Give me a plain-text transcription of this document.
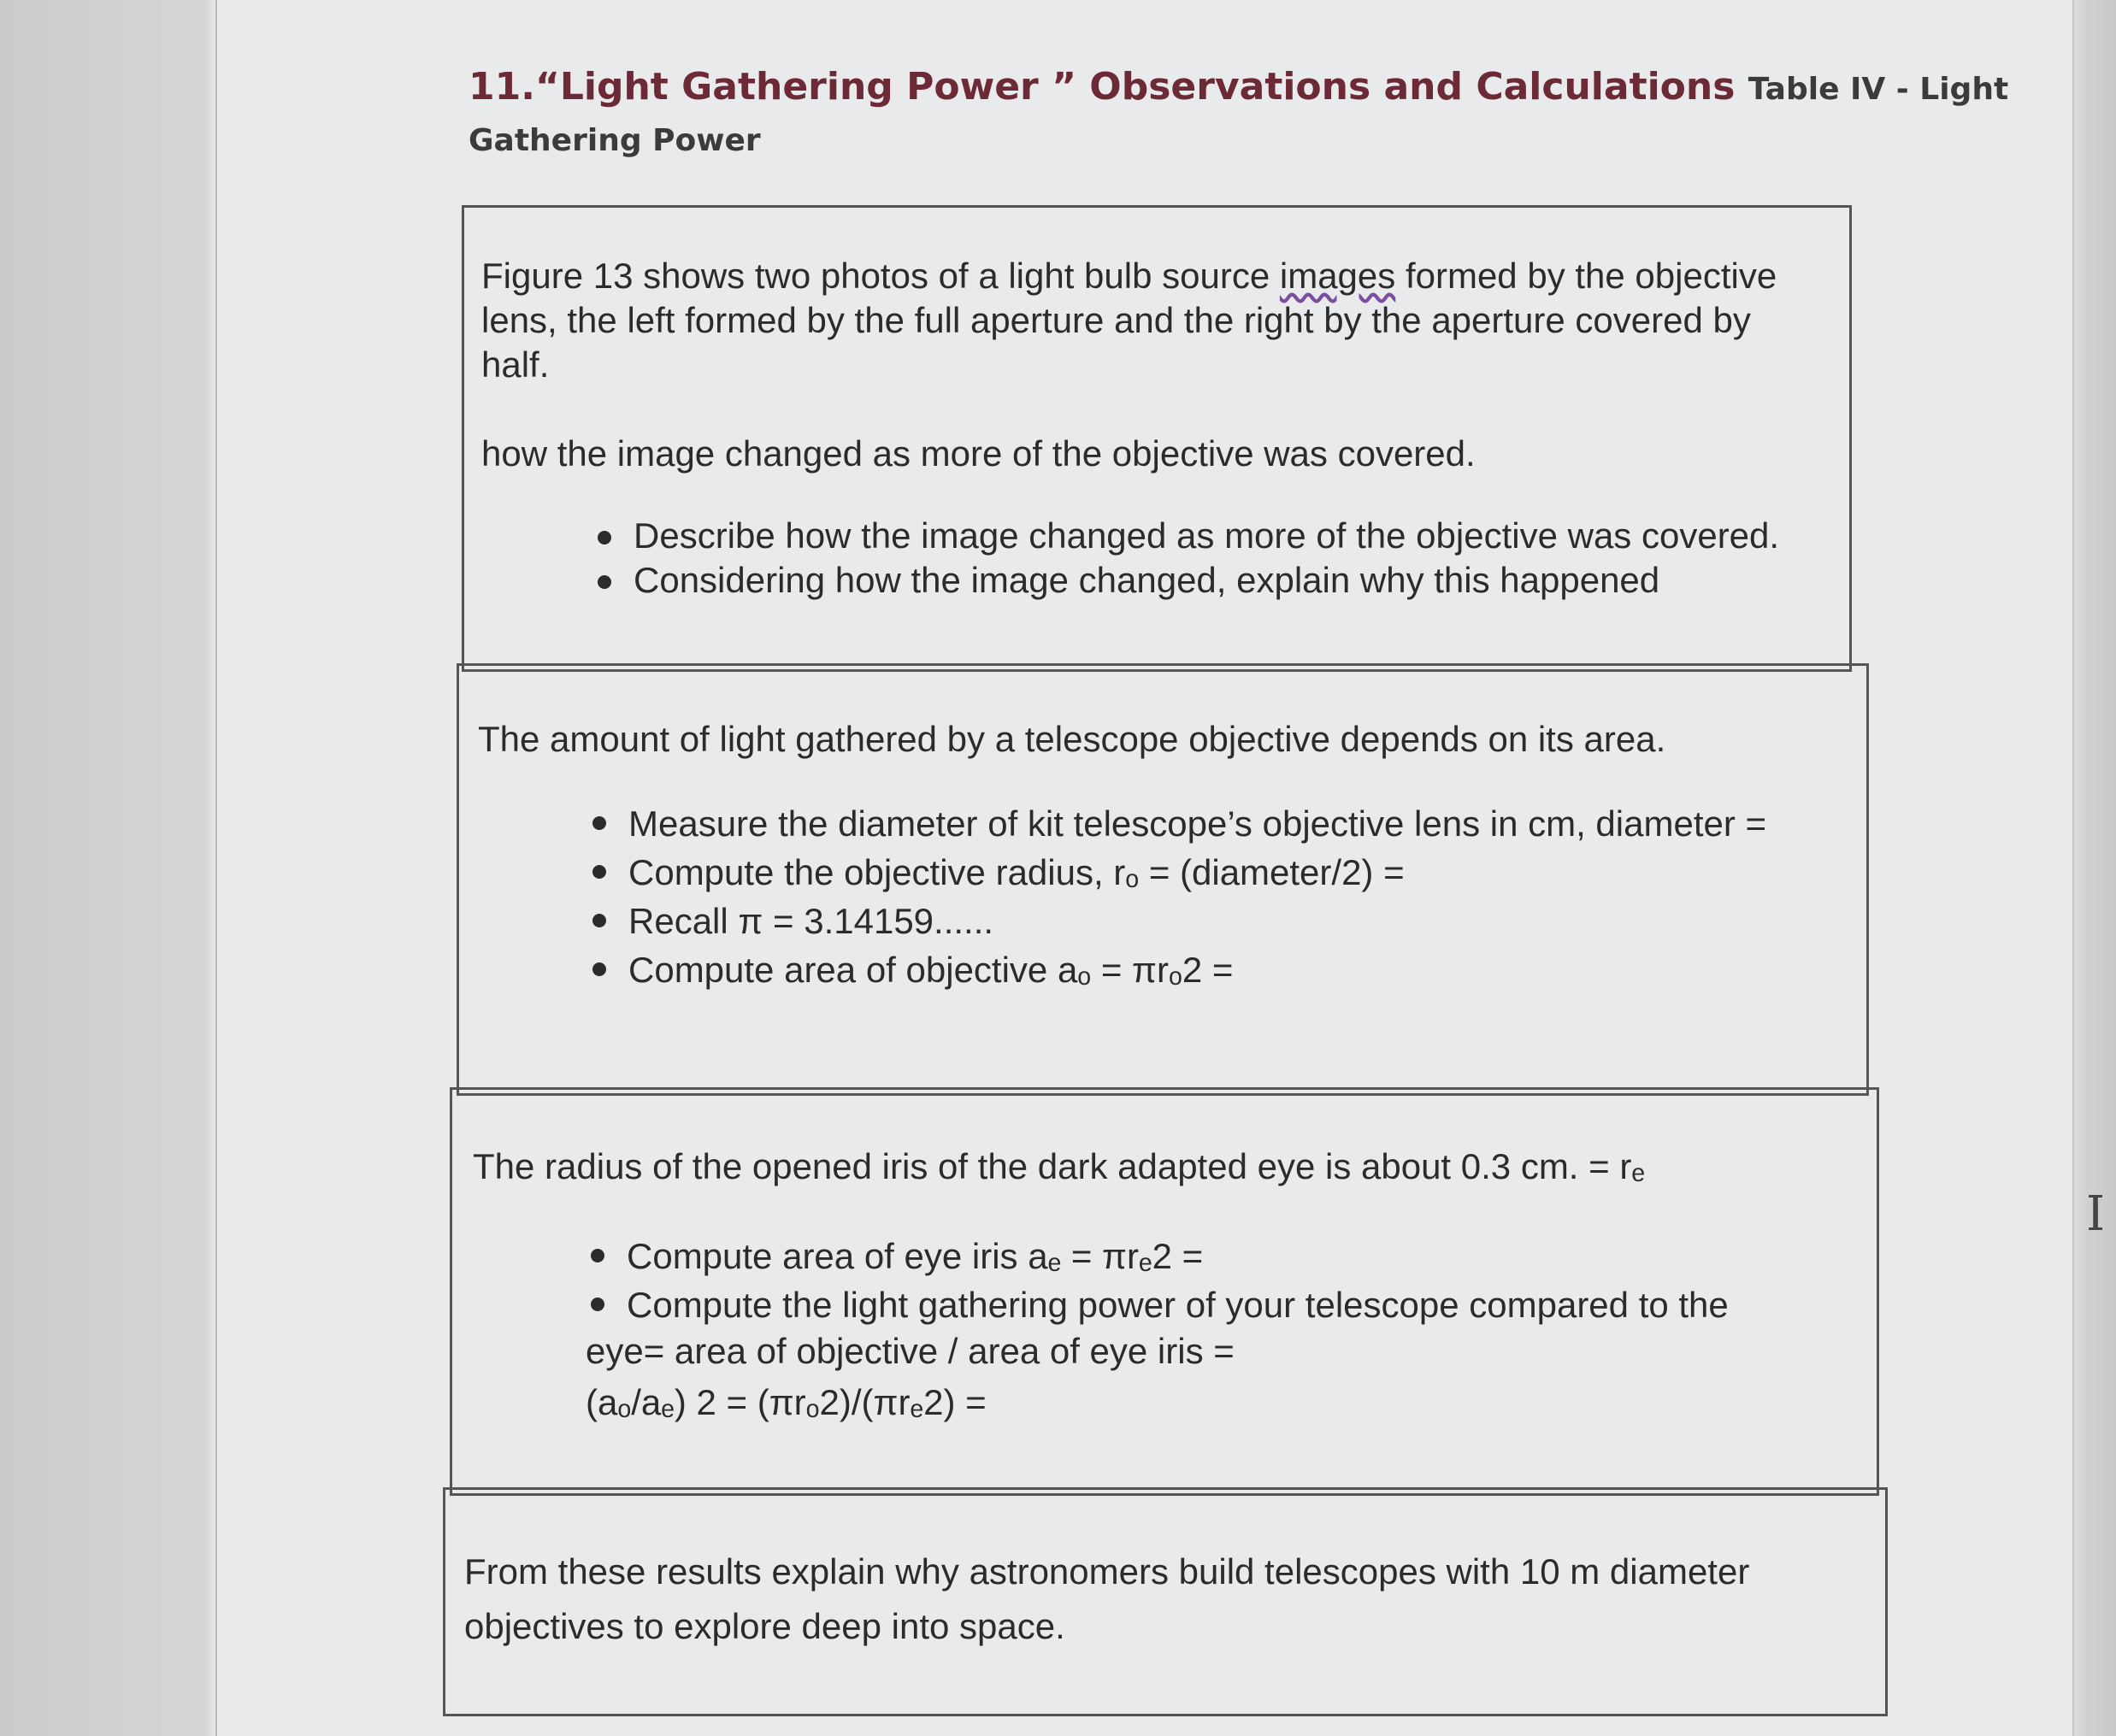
11.“Light Gathering Power ” Observations and Calculations Table IV - Light
Gathering Power

Figure 13 shows two photos of a light bulb source images formed by the objective lens, the left formed by the full aperture and the right by the aperture covered by half.

how the image changed as more of the objective was covered.

Describe how the image changed as more of the objective was covered.
Considering how the image changed, explain why this happened

The amount of light gathered by a telescope objective depends on its area.

Measure the diameter of kit telescope’s objective lens in cm, diameter =
Compute the objective radius, rₒ = (diameter/2) =
Recall π = 3.14159......
Compute area of objective aₒ = πrₒ2 =

The radius of the opened iris of the dark adapted eye is about 0.3 cm. = rₑ

Compute area of eye iris aₑ = πrₑ2 =
Compute the light gathering power of your telescope compared to the

eye= area of objective / area of eye iris =

(aₒ/aₑ) 2 = (πrₒ2)/(πrₑ2) =

From these results explain why astronomers build telescopes with 10 m diameter objectives to explore deep into space.

I
